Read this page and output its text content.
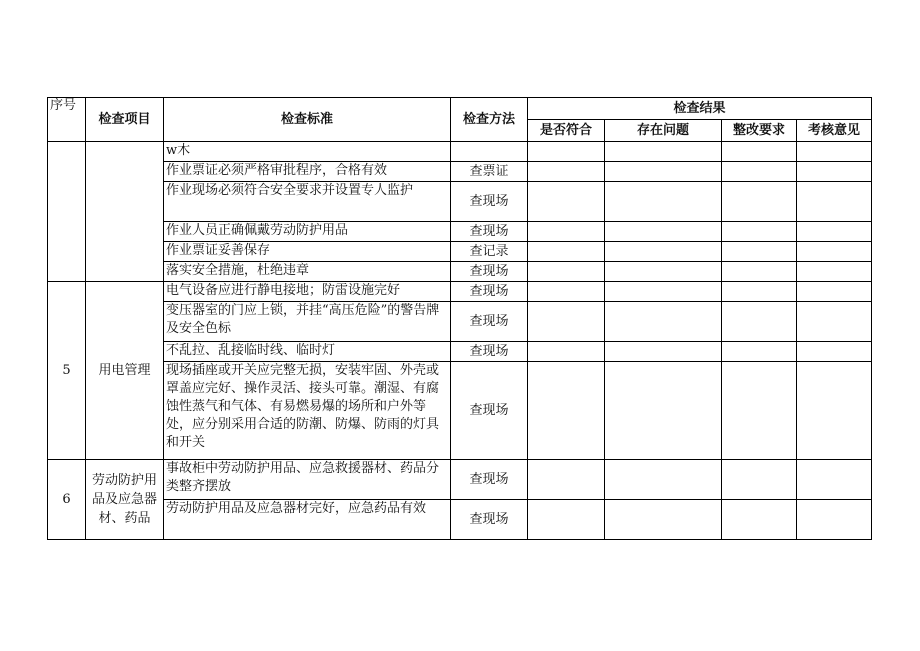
序号	检查项目	检查标准	检查方法	检查结果			
				是否符合	存在问题	整改要求	考核意见
		w木					
		作业票证必须严格审批程序，合格有效	查票证				
		作业现场必须符合安全要求并设置专人监护	查现场				
		作业人员正确佩戴劳动防护用品	查现场				
		作业票证妥善保存	查记录				
		落实安全措施，杜绝违章	查现场				
5	用电管理	电气设备应进行静电接地；防雷设施完好	查现场				
		变压器室的门应上锁，并挂“高压危险”的警告牌及安全色标	查现场				
		不乱拉、乱接临时线、临时灯	查现场				
		现场插座或开关应完整无损，安装牢固、外壳或罩盖应完好、操作灵活、接头可靠。潮湿、有腐蚀性蒸气和气体、有易燃易爆的场所和户外等处，应分别采用合适的防潮、防爆、防雨的灯具和开关	查现场				
6	劳动防护用品及应急器材、药品	事故柜中劳动防护用品、应急救援器材、药品分类整齐摆放	查现场				
		劳动防护用品及应急器材完好，应急药品有效	查现场				
